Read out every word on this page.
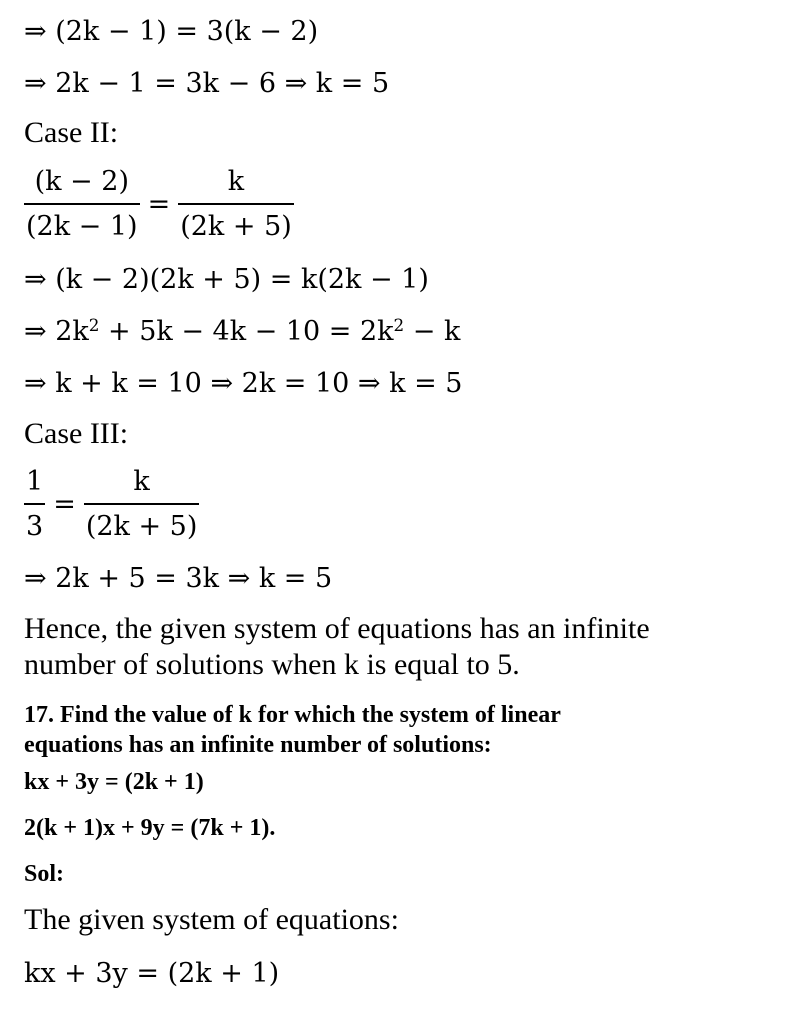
⇒ (2k − 1) = 3(k − 2)
⇒ 2k − 1 = 3k − 6 ⇒ k = 5
Case II:
$\frac{(k - 2)}{(2k - 1)} = \frac{k}{(2k + 5)}$
⇒ (k − 2)(2k + 5) = k(2k − 1)
⇒ $2k^2 + 5k - 4k - 10 = 2k^2 - k$
⇒ k + k = 10 ⇒ 2k = 10 ⇒ k = 5
Case III:
$\frac{1}{3} = \frac{k}{(2k + 5)}$
⇒ 2k + 5 = 3k ⇒ k = 5
Hence, the given system of equations has an infinite
number of solutions when k is equal to 5.
17. Find the value of k for which the system of linear
equations has an infinite number of solutions:
kx + 3y = (2k + 1)
2(k + 1)x + 9y = (7k + 1).
Sol:
The given system of equations:
kx + 3y = (2k + 1)
